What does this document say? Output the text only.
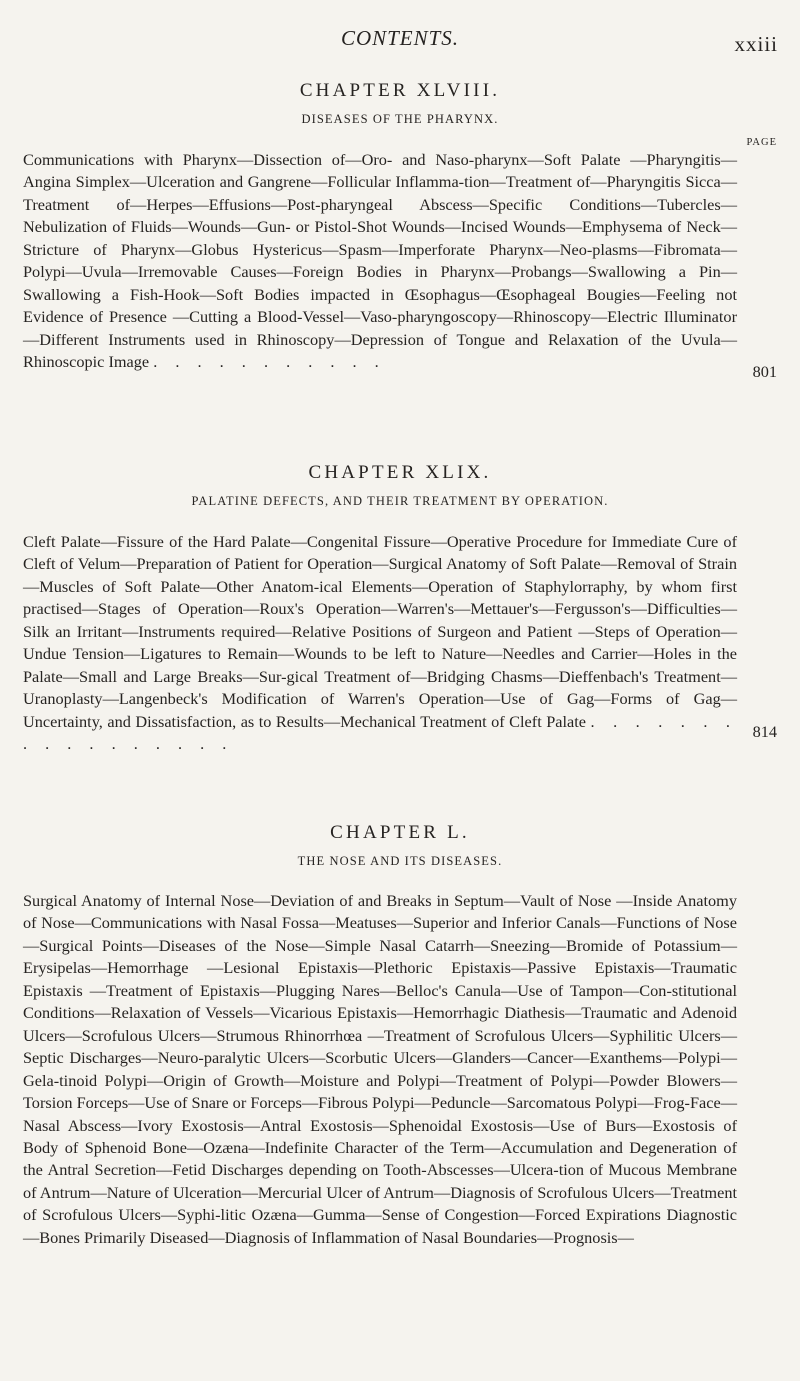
CONTENTS.	xxiii
CHAPTER XLVIII.
DISEASES OF THE PHARYNX.
PAGE
Communications with Pharynx—Dissection of—Oro- and Naso-pharynx—Soft Palate —Pharyngitis—Angina Simplex—Ulceration and Gangrene—Follicular Inflamma-tion—Treatment of—Pharyngitis Sicca—Treatment of—Herpes—Effusions—Post-pharyngeal Abscess—Specific Conditions—Tubercles—Nebulization of Fluids—Wounds—Gun- or Pistol-Shot Wounds—Incised Wounds—Emphysema of Neck—Stricture of Pharynx—Globus Hystericus—Spasm—Imperforate Pharynx—Neo-plasms—Fibromata—Polypi—Uvula—Irremovable Causes—Foreign Bodies in Pharynx—Probangs—Swallowing a Pin—Swallowing a Fish-Hook—Soft Bodies impacted in Œsophagus—Œsophageal Bougies—Feeling not Evidence of Presence —Cutting a Blood-Vessel—Vaso-pharyngoscopy—Rhinoscopy—Electric Illuminator —Different Instruments used in Rhinoscopy—Depression of Tongue and Relaxation of the Uvula—Rhinoscopic Image . . . . . . . . . . .
801
CHAPTER XLIX.
PALATINE DEFECTS, AND THEIR TREATMENT BY OPERATION.
Cleft Palate—Fissure of the Hard Palate—Congenital Fissure—Operative Procedure for Immediate Cure of Cleft of Velum—Preparation of Patient for Operation—Surgical Anatomy of Soft Palate—Removal of Strain—Muscles of Soft Palate—Other Anatom-ical Elements—Operation of Staphylorraphy, by whom first practised—Stages of Operation—Roux's Operation—Warren's—Mettauer's—Fergusson's—Difficulties—Silk an Irritant—Instruments required—Relative Positions of Surgeon and Patient —Steps of Operation—Undue Tension—Ligatures to Remain—Wounds to be left to Nature—Needles and Carrier—Holes in the Palate—Small and Large Breaks—Sur-gical Treatment of—Bridging Chasms—Dieffenbach's Treatment—Uranoplasty—Langenbeck's Modification of Warren's Operation—Use of Gag—Forms of Gag—Uncertainty, and Dissatisfaction, as to Results—Mechanical Treatment of Cleft Palate . . . . . . . . . . . . . . . . .
814
CHAPTER L.
THE NOSE AND ITS DISEASES.
Surgical Anatomy of Internal Nose—Deviation of and Breaks in Septum—Vault of Nose —Inside Anatomy of Nose—Communications with Nasal Fossa—Meatuses—Superior and Inferior Canals—Functions of Nose—Surgical Points—Diseases of the Nose—Simple Nasal Catarrh—Sneezing—Bromide of Potassium—Erysipelas—Hemorrhage —Lesional Epistaxis—Plethoric Epistaxis—Passive Epistaxis—Traumatic Epistaxis —Treatment of Epistaxis—Plugging Nares—Belloc's Canula—Use of Tampon—Con-stitutional Conditions—Relaxation of Vessels—Vicarious Epistaxis—Hemorrhagic Diathesis—Traumatic and Adenoid Ulcers—Scrofulous Ulcers—Strumous Rhinorrhœa —Treatment of Scrofulous Ulcers—Syphilitic Ulcers—Septic Discharges—Neuro-paralytic Ulcers—Scorbutic Ulcers—Glanders—Cancer—Exanthems—Polypi—Gela-tinoid Polypi—Origin of Growth—Moisture and Polypi—Treatment of Polypi—Powder Blowers—Torsion Forceps—Use of Snare or Forceps—Fibrous Polypi—Peduncle—Sarcomatous Polypi—Frog-Face—Nasal Abscess—Ivory Exostosis—Antral Exostosis—Sphenoidal Exostosis—Use of Burs—Exostosis of Body of Sphenoid Bone—Ozæna—Indefinite Character of the Term—Accumulation and Degeneration of the Antral Secretion—Fetid Discharges depending on Tooth-Abscesses—Ulcera-tion of Mucous Membrane of Antrum—Nature of Ulceration—Mercurial Ulcer of Antrum—Diagnosis of Scrofulous Ulcers—Treatment of Scrofulous Ulcers—Syphi-litic Ozæna—Gumma—Sense of Congestion—Forced Expirations Diagnostic—Bones Primarily Diseased—Diagnosis of Inflammation of Nasal Boundaries—Prognosis—
